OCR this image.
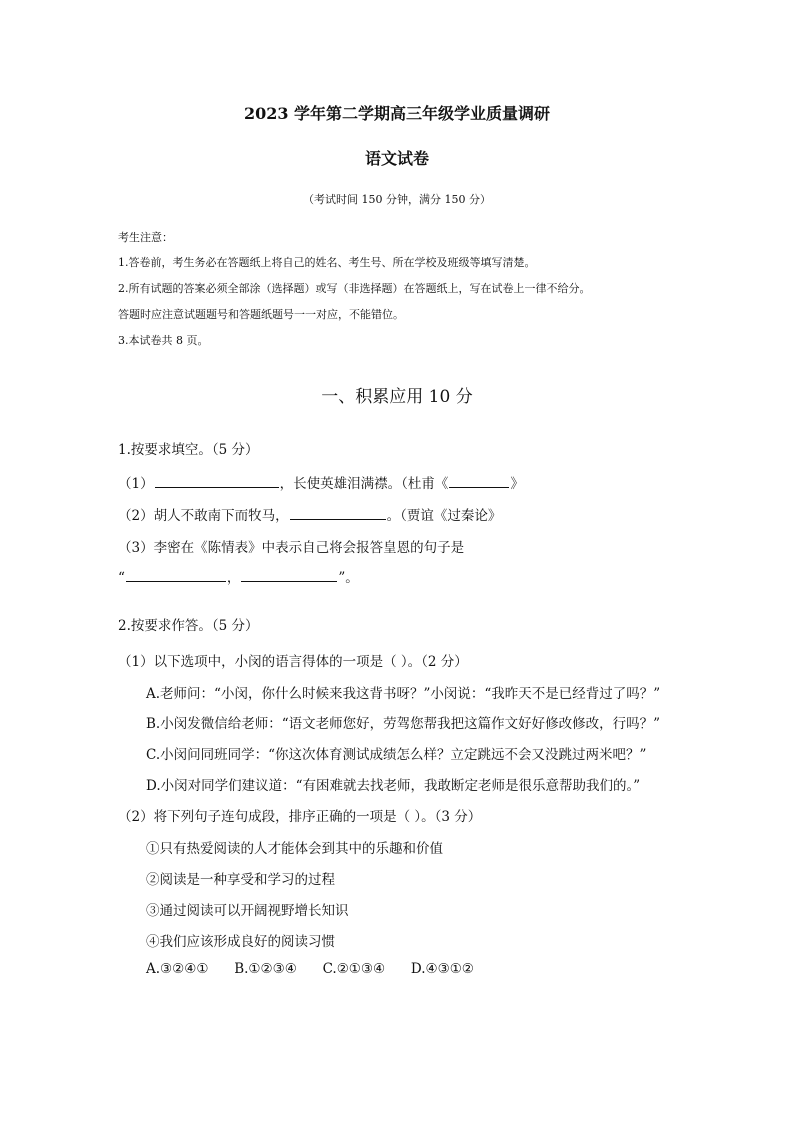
2023 学年第二学期高三年级学业质量调研
语文试卷
（考试时间 150 分钟，满分 150 分）
考生注意：
1.答卷前，考生务必在答题纸上将自己的姓名、考生号、所在学校及班级等填写清楚。
2.所有试题的答案必须全部涂（选择题）或写（非选择题）在答题纸上，写在试卷上一律不给分。
答题时应注意试题题号和答题纸题号一一对应，不能错位。
3.本试卷共 8 页。
一、积累应用 10 分
1.按要求填空。（5 分）
（1）	，长使英雄泪满襟。（杜甫《	》
（2）胡人不敢南下而牧马，	。（贾谊《过秦论》
（3）李密在《陈情表》中表示自己将会报答皇恩的句子是
“	，	”。
2.按要求作答。（5 分）
（1）以下选项中，小闵的语言得体的一项是（ ）。（2 分）
A.老师问：“小闵，你什么时候来我这背书呀？”小闵说：“我昨天不是已经背过了吗？”
B.小闵发微信给老师：“语文老师您好，劳驾您帮我把这篇作文好好修改修改，行吗？”
C.小闵问同班同学：“你这次体育测试成绩怎么样？立定跳远不会又没跳过两米吧？”
D.小闵对同学们建议道：“有困难就去找老师，我敢断定老师是很乐意帮助我们的。”
（2）将下列句子连句成段，排序正确的一项是（ ）。（3 分）
①只有热爱阅读的人才能体会到其中的乐趣和价值
②阅读是一种享受和学习的过程
③通过阅读可以开阔视野增长知识
④我们应该形成良好的阅读习惯
A.③②④①      B.①②③④      C.②①③④      D.④③①②
